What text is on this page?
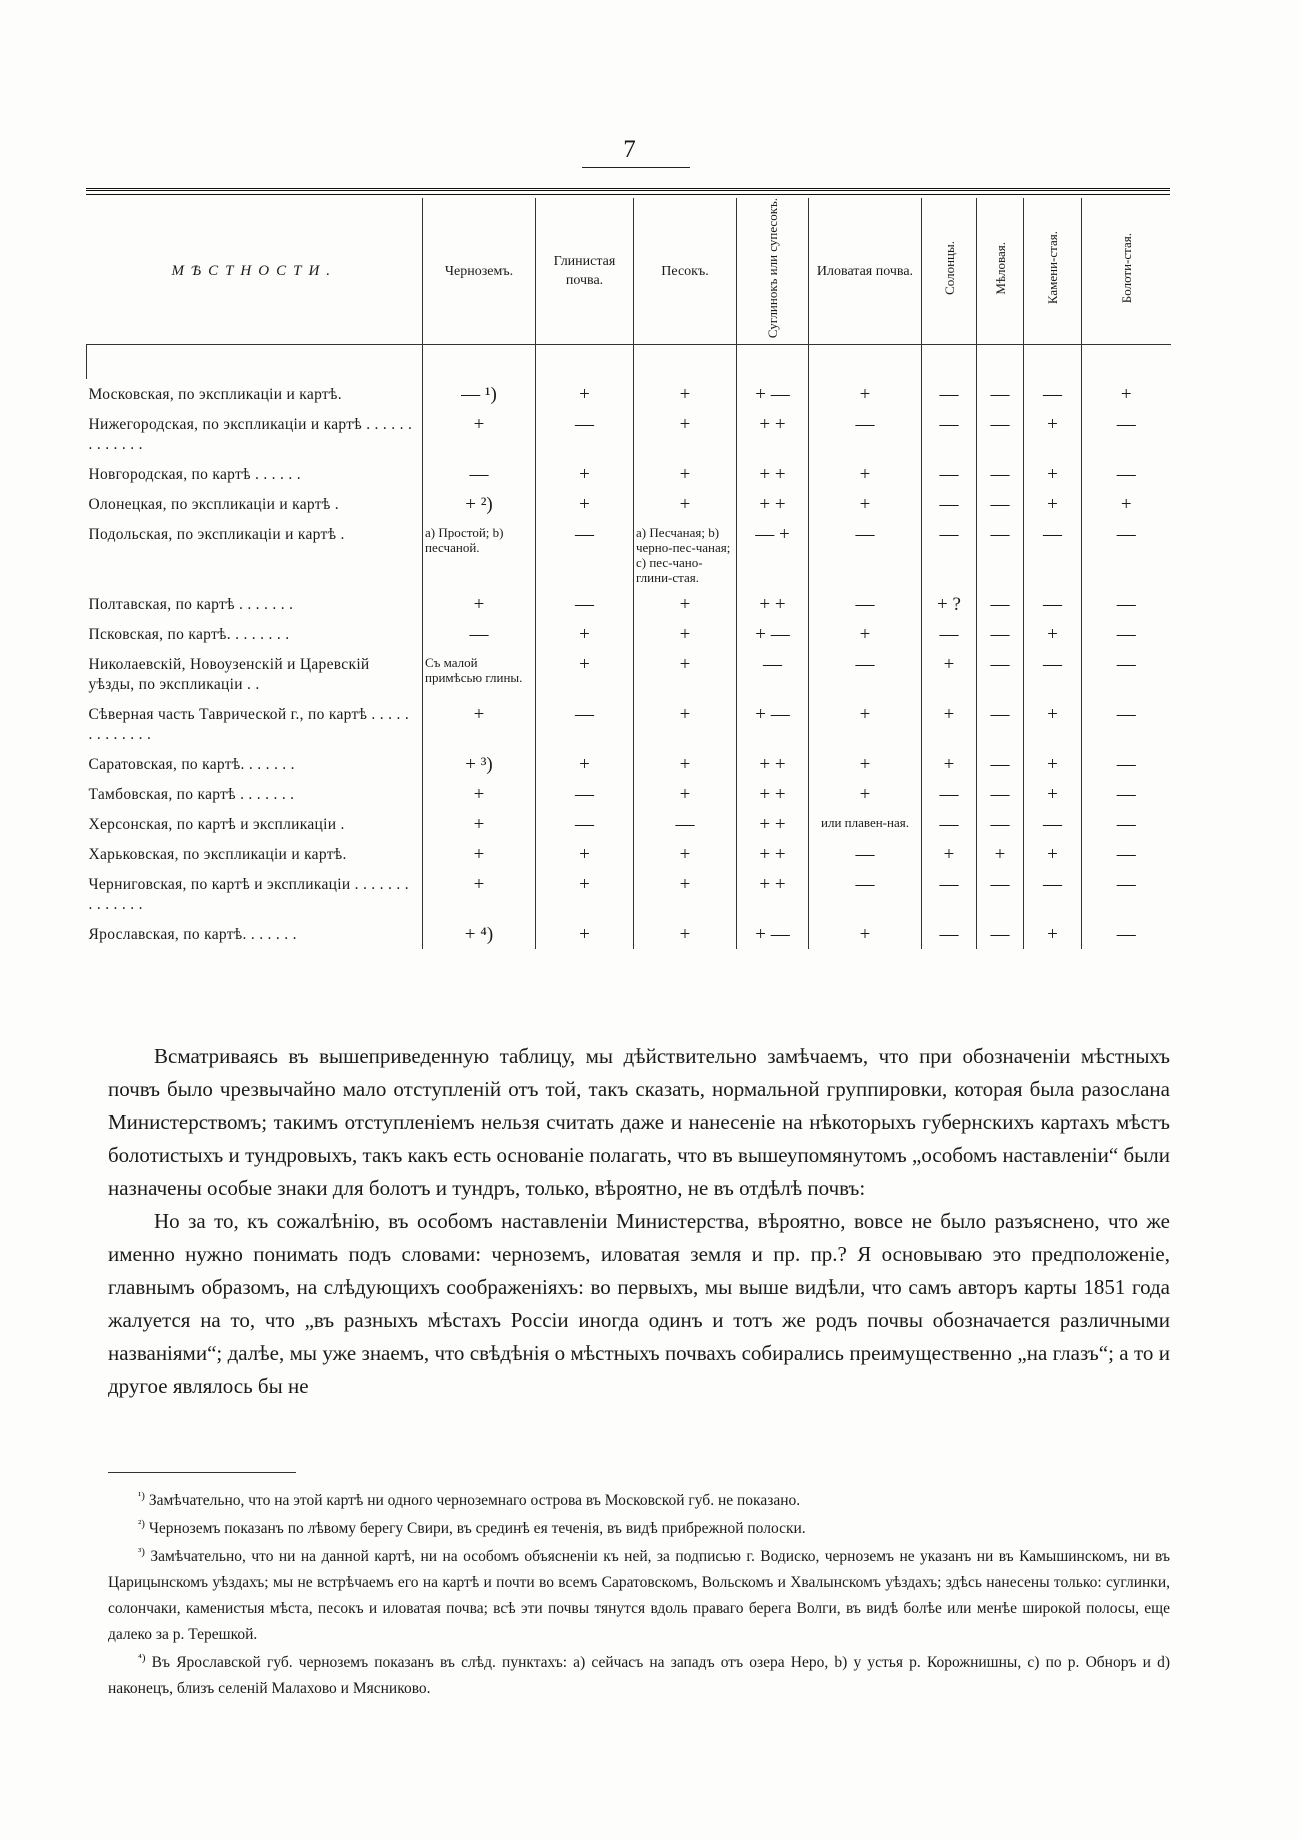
7
МѢСТНОСТИ.	Черноземъ.	Глинистая почва.	Песокъ.	Суглинокъ или супесокъ.	Иловатая почва.	Солонцы.	Мѣловая.	Камени-стая.	Болоти-стая.

Московская, по экспликаціи и картѣ.	— ¹)	+	+	+ —	+	—	—	—	+
Нижегородская, по экспликаціи и картѣ . . . . . . . . . . . . .	+	—	+	+ +	—	—	—	+	—
Новгородская, по картѣ . . . . . .	—	+	+	+ +	+	—	—	+	—
Олонецкая, по экспликаціи и картѣ .	+ ²)	+	+	+ +	+	—	—	+	+
Подольская, по экспликаціи и картѣ .	a) Простой; b) песчаной.	—	a) Песчаная; b) черно-пес-чаная; c) пес-чано-глини-стая.	— +	—	—	—	—	—
Полтавская, по картѣ . . . . . . .	+	—	+	+ +	—	+ ?	—	—	—
Псковская, по картѣ. . . . . . . .	—	+	+	+ —	+	—	—	+	—
Николаевскій, Новоузенскій и Царевскій уѣзды, по экспликаціи . .	Съ малой примѣсью глины.	+	+	—	—	+	—	—	—
Сѣверная часть Таврической г., по картѣ . . . . . . . . . . . . .	+	—	+	+ —	+	+	—	+	—
Саратовская, по картѣ. . . . . . .	+ ³)	+	+	+ +	+	+	—	+	—
Тамбовская, по картѣ . . . . . . .	+	—	+	+ +	+	—	—	+	—
Херсонская, по картѣ и экспликаціи .	+	—	—	+ +	или плавен-ная.	—	—	—	—
Харьковская, по экспликаціи и картѣ.	+	+	+	+ +	—	+	+	+	—
Черниговская, по картѣ и экспликаціи . . . . . . . . . . . . . .	+	+	+	+ +	—	—	—	—	—
Ярославская, по картѣ. . . . . . .	+ ⁴)	+	+	+ —	+	—	—	+	—

Всматриваясь въ вышеприведенную таблицу, мы дѣйствительно замѣчаемъ, что при обозначеніи мѣстныхъ почвъ было чрезвычайно мало отступленій отъ той, такъ сказать, нормальной группировки, которая была разослана Министерствомъ; такимъ отступленіемъ нельзя считать даже и нанесеніе на нѣкоторыхъ губернскихъ картахъ мѣстъ болотистыхъ и тундровыхъ, такъ какъ есть основаніе полагать, что въ вышеупомянутомъ „особомъ наставленіи“ были назначены особые знаки для болотъ и тундръ, только, вѣроятно, не въ отдѣлѣ почвъ:

Но за то, къ сожалѣнію, въ особомъ наставленіи Министерства, вѣроятно, вовсе не было разъяснено, что же именно нужно понимать подъ словами: черноземъ, иловатая земля и пр. пр.? Я основываю это предположеніе, главнымъ образомъ, на слѣдующихъ соображеніяхъ: во первыхъ, мы выше видѣли, что самъ авторъ карты 1851 года жалуется на то, что „въ разныхъ мѣстахъ Россіи иногда одинъ и тотъ же родъ почвы обозначается различными названіями“; далѣе, мы уже знаемъ, что свѣдѣнія о мѣстныхъ почвахъ собирались преимущественно „на глазъ“; а то и другое являлось бы не

$^{^1)}$ Замѣчательно, что на этой картѣ ни одного черноземнаго острова въ Московской губ. не показано.

$^{^2)}$ Черноземъ показанъ по лѣвому берегу Свири, въ срединѣ ея теченія, въ видѣ прибрежной полоски.

$^{^3)}$ Замѣчательно, что ни на данной картѣ, ни на особомъ объясненіи къ ней, за подписью г. Водиско, черноземъ не указанъ ни въ Камышинскомъ, ни въ Царицынскомъ уѣздахъ; мы не встрѣчаемъ его на картѣ и почти во всемъ Саратовскомъ, Вольскомъ и Хвалынскомъ уѣздахъ; здѣсь нанесены только: суглинки, солончаки, каменистыя мѣста, песокъ и иловатая почва; всѣ эти почвы тянутся вдоль праваго берега Волги, въ видѣ болѣе или менѣе широкой полосы, еще далеко за р. Терешкой.

$^{^4)}$ Въ Ярославской губ. черноземъ показанъ въ слѣд. пунктахъ: a) сейчасъ на западъ отъ озера Неро, b) у устья р. Корожнишны, c) по р. Обноръ и d) наконецъ, близъ селеній Малахово и Мясниково.
